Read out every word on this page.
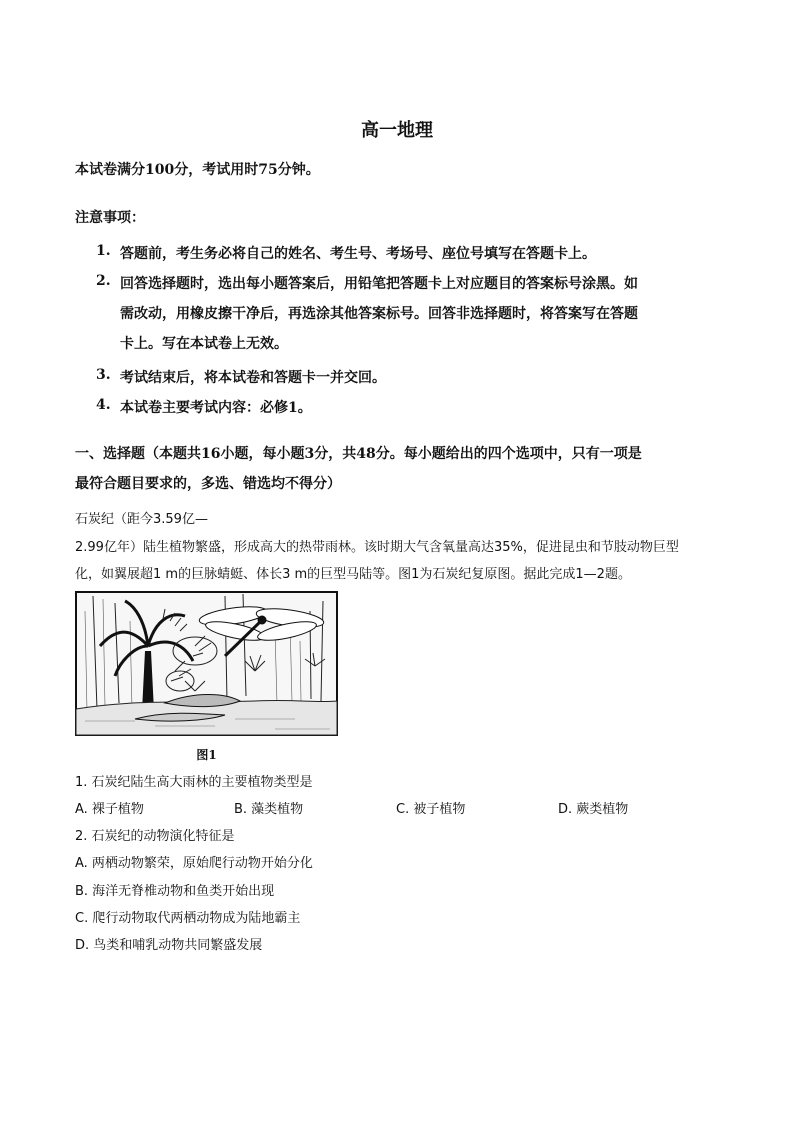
高一地理
本试卷满分100分，考试用时75分钟。
注意事项：
1. 答题前，考生务必将自己的姓名、考生号、考场号、座位号填写在答题卡上。
2. 回答选择题时，选出每小题答案后，用铅笔把答题卡上对应题目的答案标号涂黑。如
需改动，用橡皮擦干净后，再选涂其他答案标号。回答非选择题时，将答案写在答题
卡上。写在本试卷上无效。
3. 考试结束后，将本试卷和答题卡一并交回。
4. 本试卷主要考试内容：必修1。
一、选择题（本题共16小题，每小题3分，共48分。每小题给出的四个选项中，只有一项是
最符合题目要求的，多选、错选均不得分）
石炭纪（距今3.59亿—
2.99亿年）陆生植物繁盛，形成高大的热带雨林。该时期大气含氧量高达35%，促进昆虫和节肢动物巨型
化，如翼展超1 m的巨脉蜻蜓、体长3 m的巨型马陆等。图1为石炭纪复原图。据此完成1—2题。
图1
1. 石炭纪陆生高大雨林的主要植物类型是
A. 裸子植物	B. 藻类植物	C. 被子植物	D. 蕨类植物
2. 石炭纪的动物演化特征是
A. 两栖动物繁荣，原始爬行动物开始分化
B. 海洋无脊椎动物和鱼类开始出现
C. 爬行动物取代两栖动物成为陆地霸主
D. 鸟类和哺乳动物共同繁盛发展
